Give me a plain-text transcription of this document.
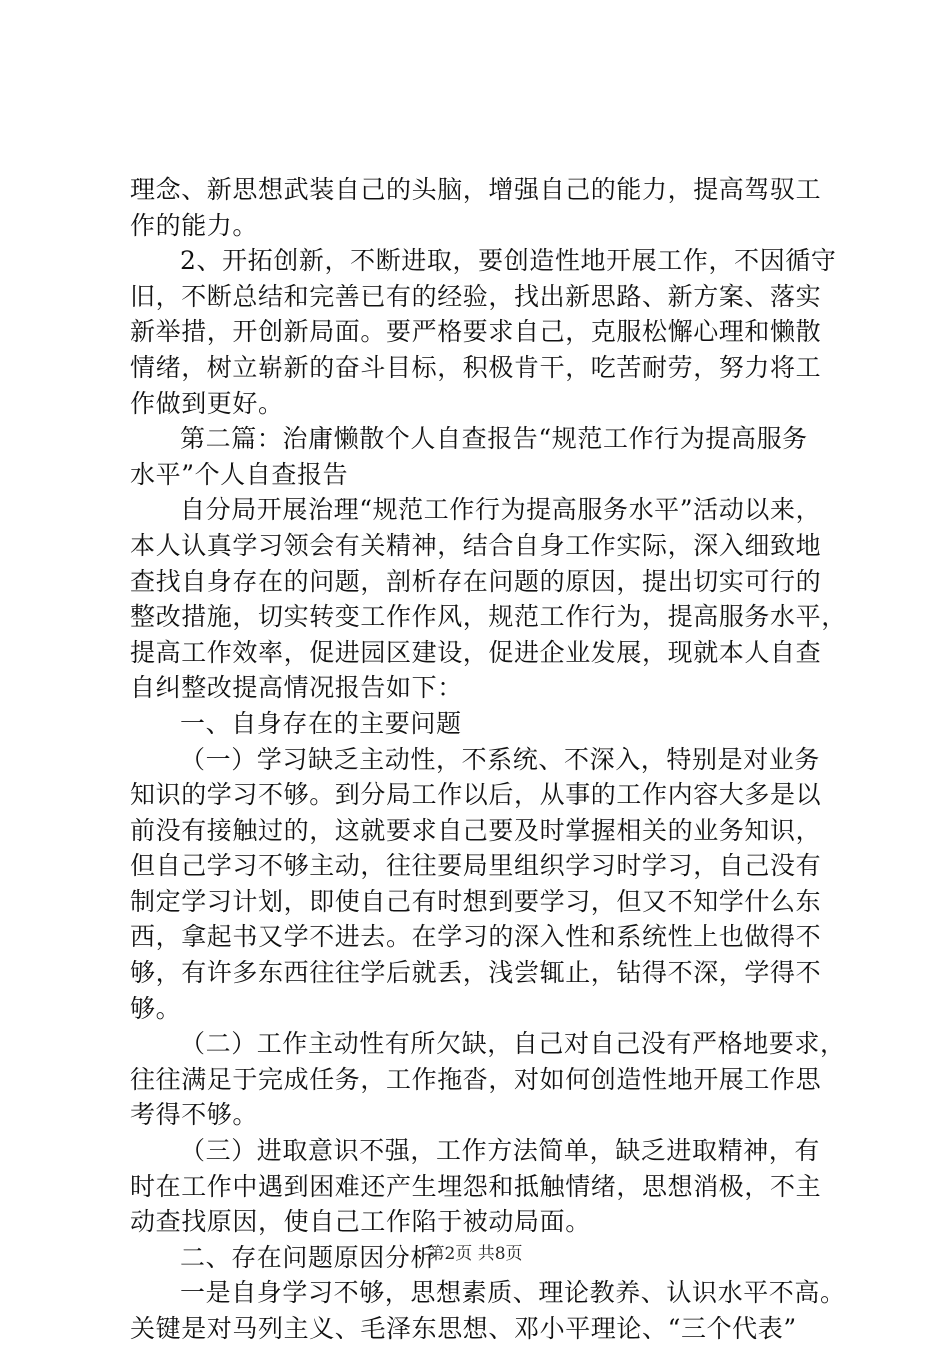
理念、新思想武装自己的头脑，增强自己的能力，提高驾驭工
作的能力。
2、开拓创新，不断进取，要创造性地开展工作，不因循守
旧，不断总结和完善已有的经验，找出新思路、新方案、落实
新举措，开创新局面。要严格要求自己，克服松懈心理和懒散
情绪，树立崭新的奋斗目标，积极肯干，吃苦耐劳，努力将工
作做到更好。
第二篇：治庸懒散个人自查报告“规范工作行为提高服务
水平”个人自查报告
自分局开展治理“规范工作行为提高服务水平”活动以来，
本人认真学习领会有关精神，结合自身工作实际，深入细致地
查找自身存在的问题，剖析存在问题的原因，提出切实可行的
整改措施，切实转变工作作风，规范工作行为，提高服务水平，
提高工作效率，促进园区建设，促进企业发展，现就本人自查
自纠整改提高情况报告如下：
一、自身存在的主要问题
（一）学习缺乏主动性，不系统、不深入，特别是对业务
知识的学习不够。到分局工作以后，从事的工作内容大多是以
前没有接触过的，这就要求自己要及时掌握相关的业务知识，
但自己学习不够主动，往往要局里组织学习时学习，自己没有
制定学习计划，即使自己有时想到要学习，但又不知学什么东
西，拿起书又学不进去。在学习的深入性和系统性上也做得不
够，有许多东西往往学后就丢，浅尝辄止，钻得不深，学得不
够。
（二）工作主动性有所欠缺，自己对自己没有严格地要求，
往往满足于完成任务，工作拖沓，对如何创造性地开展工作思
考得不够。
（三）进取意识不强，工作方法简单，缺乏进取精神，有
时在工作中遇到困难还产生埋怨和抵触情绪，思想消极，不主
动查找原因，使自己工作陷于被动局面。
二、存在问题原因分析
一是自身学习不够，思想素质、理论教养、认识水平不高。
关键是对马列主义、毛泽东思想、邓小平理论、“三个代表”
第2页 共8页
